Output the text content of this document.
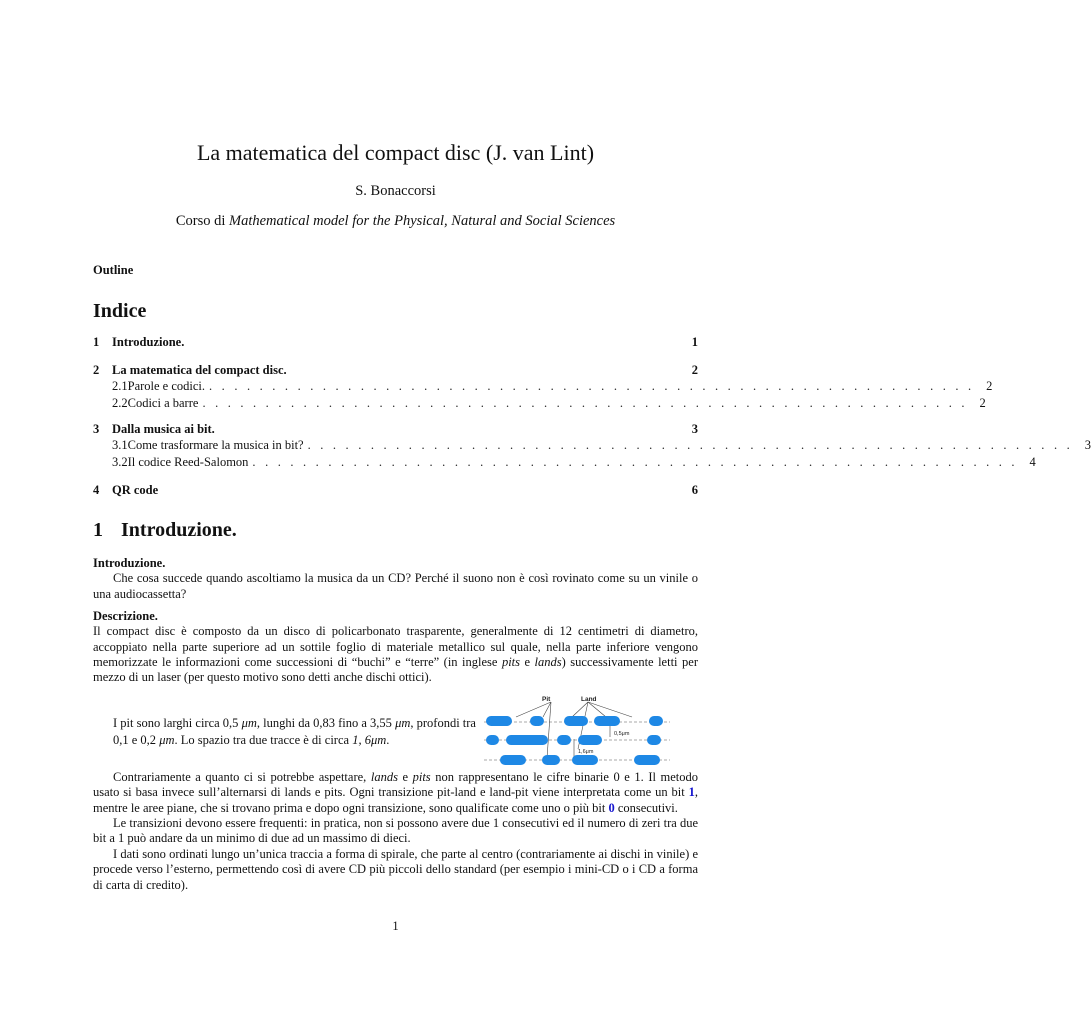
La matematica del compact disc (J. van Lint)
S. Bonaccorsi
Corso di Mathematical model for the Physical, Natural and Social Sciences
Outline
Indice
1	Introduzione.	1
2	La matematica del compact disc.	2
2.1 Parole e codici. . . . . . . . . . . . . . . . . . . . . . . . . . . . . . . . . . . . . . . . . . . . . . . . . . . . . . . . . . . . . . 2
2.2 Codici a barre . . . . . . . . . . . . . . . . . . . . . . . . . . . . . . . . . . . . . . . . . . . . . . . . . . . . . . . . . . . . . 2
3	Dalla musica ai bit.	3
3.1 Come trasformare la musica in bit? . . . . . . . . . . . . . . . . . . . . . . . . . . . . . . . . . . . . . . . . . . . . . . . . . . . . . . . . . . . . . 3
3.2 Il codice Reed-Salomon . . . . . . . . . . . . . . . . . . . . . . . . . . . . . . . . . . . . . . . . . . . . . . . . . . . . . . . . . . . . . 4
4	QR code	6
1 Introduzione.
Introduzione.
Che cosa succede quando ascoltiamo la musica da un CD? Perché il suono non è così rovinato come su un vinile o una audiocassetta?
Descrizione.
Il compact disc è composto da un disco di policarbonato trasparente, generalmente di 12 centimetri di diametro, accoppiato nella parte superiore ad un sottile foglio di materiale metallico sul quale, nella parte inferiore vengono memorizzate le informazioni come successioni di “buchi” e “terre” (in inglese pits e lands) successivamente letti per mezzo di un laser (per questo motivo sono detti anche dischi ottici).
I pit sono larghi circa 0,5 μm, lunghi da 0,83 fino a 3,55 μm, profondi tra 0,1 e 0,2 μm. Lo spazio tra due tracce è di circa 1, 6μm.
Pit	Land
0,5μm
1,6μm
Contrariamente a quanto ci si potrebbe aspettare, lands e pits non rappresentano le cifre binarie 0 e 1. Il metodo usato si basa invece sull’alternarsi di lands e pits. Ogni transizione pit-land e land-pit viene interpretata come un bit 1, mentre le aree piane, che si trovano prima e dopo ogni transizione, sono qualificate come uno o più bit 0 consecutivi.
Le transizioni devono essere frequenti: in pratica, non si possono avere due 1 consecutivi ed il numero di zeri tra due bit a 1 può andare da un minimo di due ad un massimo di dieci.
I dati sono ordinati lungo un’unica traccia a forma di spirale, che parte al centro (contrariamente ai dischi in vinile) e procede verso l’esterno, permettendo così di avere CD più piccoli dello standard (per esempio i mini-CD o i CD a forma di carta di credito).
1
